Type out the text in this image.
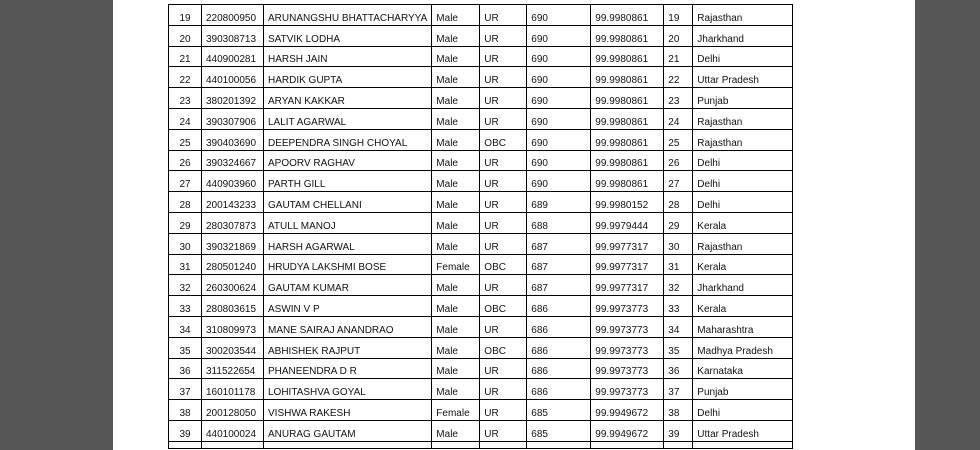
19	220800950	ARUNANGSHU BHATTACHARYYA	Male	UR	690	99.9980861	19	Rajasthan
20	390308713	SATVIK LODHA	Male	UR	690	99.9980861	20	Jharkhand
21	440900281	HARSH JAIN	Male	UR	690	99.9980861	21	Delhi
22	440100056	HARDIK GUPTA	Male	UR	690	99.9980861	22	Uttar Pradesh
23	380201392	ARYAN KAKKAR	Male	UR	690	99.9980861	23	Punjab
24	390307906	LALIT AGARWAL	Male	UR	690	99.9980861	24	Rajasthan
25	390403690	DEEPENDRA SINGH CHOYAL	Male	OBC	690	99.9980861	25	Rajasthan
26	390324667	APOORV RAGHAV	Male	UR	690	99.9980861	26	Delhi
27	440903960	PARTH GILL	Male	UR	690	99.9980861	27	Delhi
28	200143233	GAUTAM CHELLANI	Male	UR	689	99.9980152	28	Delhi
29	280307873	ATULL MANOJ	Male	UR	688	99.9979444	29	Kerala
30	390321869	HARSH AGARWAL	Male	UR	687	99.9977317	30	Rajasthan
31	280501240	HRUDYA LAKSHMI BOSE	Female	OBC	687	99.9977317	31	Kerala
32	260300624	GAUTAM KUMAR	Male	UR	687	99.9977317	32	Jharkhand
33	280803615	ASWIN V P	Male	OBC	686	99.9973773	33	Kerala
34	310809973	MANE SAIRAJ ANANDRAO	Male	UR	686	99.9973773	34	Maharashtra
35	300203544	ABHISHEK RAJPUT	Male	OBC	686	99.9973773	35	Madhya Pradesh
36	311522654	PHANEENDRA D R	Male	UR	686	99.9973773	36	Karnataka
37	160101178	LOHITASHVA GOYAL	Male	UR	686	99.9973773	37	Punjab
38	200128050	VISHWA RAKESH	Female	UR	685	99.9949672	38	Delhi
39	440100024	ANURAG GAUTAM	Male	UR	685	99.9949672	39	Uttar Pradesh
